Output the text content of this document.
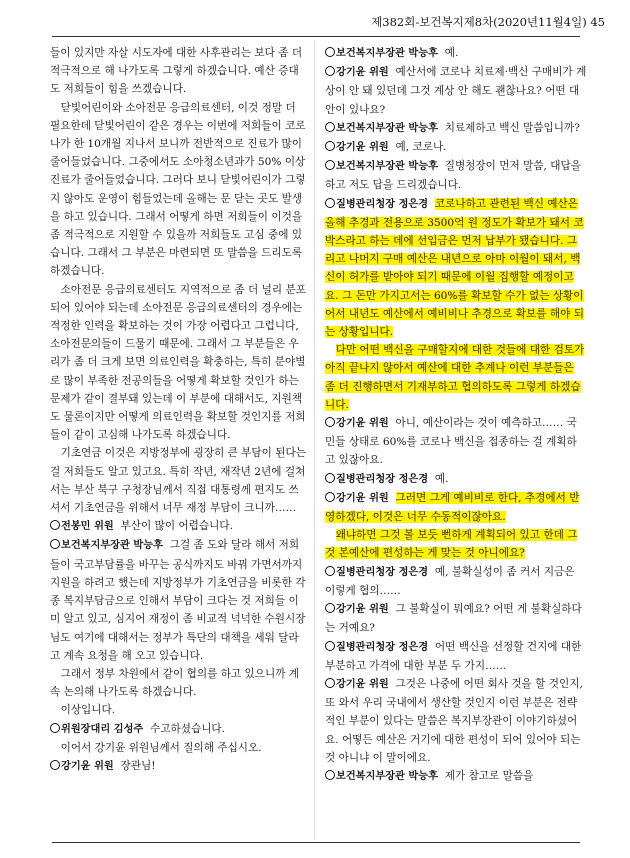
제382회-보건복지제8차(2020년11월4일) 45

들이 있지만 자살 시도자에 대한 사후관리는 보다 좀 더 적극적으로 해 나가도록 그렇게 하겠습니다. 예산 증대도 저희들이 힘을 쓰겠습니다.

닫빛어린이와 소아전문 응급의료센터, 이것 정말 더 필요한데 닫빛어린이 같은 경우는 이번에 저희들이 코로나가 한 10개월 지나서 보니까 전반적으로 진료가 많이 줄어들었습니다. 그중에서도 소아청소년과가 50% 이상 진료가 줄어들었습니다. 그러다 보니 닫빛어린이가 그렇지 않아도 운영이 힘들었는데 올해는 문 닫는 곳도 발생을 하고 있습니다. 그래서 어떻게 하면 저희들이 이것을 좀 적극적으로 지원할 수 있을까 저희들도 고심 중에 있습니다. 그래서 그 부분은 마련되면 또 말씀을 드리도록 하겠습니다.

소아전문 응급의료센터도 지역적으로 좀 더 널리 분포되어 있어야 되는데 소아전문 응급의료센터의 경우에는 적정한 인력을 확보하는 것이 가장 어렵다고 그럽니다, 소아전문의들이 드물기 때문에. 그래서 그 부분들은 우리가 좀 더 크게 보면 의료인력을 확충하는, 특히 분야별로 많이 부족한 전공의들을 어떻게 확보할 것인가 하는 문제가 같이 결부돼 있는데 이 부분에 대해서도, 지원책도 물론이지만 어떻게 의료인력을 확보할 것인지를 저희들이 같이 고심해 나가도록 하겠습니다.

기초연금 이것은 지방정부에 굉장히 큰 부담이 된다는 걸 저희들도 알고 있고요. 특히 작년, 재작년 2년에 걸쳐서는 부산 북구 구청장님께서 직접 대통령께 편지도 쓰셔서 기초연금을 위해서 너무 재정 부담이 크니까……

전봉민 위원 부산이 많이 어렵습니다.

보건복지부장관 박능후 그걸 좀 도와 달라 해서 저희들이 국고부담률을 바꾸는 공식까지도 바꿔 가면서까지 지원을 하려고 했는데 지방정부가 기초연금을 비롯한 각종 복지부담금으로 인해서 부담이 크다는 것 저희들 이미 알고 있고, 심지어 재정이 좀 비교적 넉넉한 수원시장님도 여기에 대해서는 정부가 특단의 대책을 세워 달라고 계속 요청을 해 오고 있습니다.

그래서 정부 차원에서 같이 협의를 하고 있으니까 계속 논의해 나가도록 하겠습니다.

이상입니다.

위원장대리 김성주 수고하셨습니다.

이어서 강기윤 위원님께서 질의해 주십시오.

강기윤 위원 장관님!

보건복지부장관 박능후 예.

강기윤 위원 예산서에 코로나 치료제·백신 구매비가 계상이 안 돼 있던데 그것 계상 안 해도 괜찮나요? 어떤 대안이 있나요?

보건복지부장관 박능후 치료제하고 백신 말씀입니까?

강기윤 위원 예, 코로나.

보건복지부장관 박능후 질병청장이 먼저 말씀, 대답을 하고 저도 답을 드리겠습니다.

질병관리청장 정은경 코로나하고 관련된 백신 예산은 올해 추경과 전용으로 3500억 원 정도가 확보가 돼서 코박스라고 하는 데에 선입금은 먼저 납부가 됐습니다. 그리고 나머지 구매 예산은 내년으로 아마 이월이 돼서, 백신이 허가를 받아야 되기 때문에 이월 집행할 예정이고요. 그 돈만 가지고서는 60%를 확보할 수가 없는 상황이어서 내년도 예산에서 예비비나 추경으로 확보를 해야 되는 상황입니다.

다만 어떤 백신을 구매할지에 대한 것들에 대한 검토가 아직 끝나지 않아서 예산에 대한 추계나 이런 부분들은 좀 더 진행하면서 기재부하고 협의하도록 그렇게 하겠습니다.

강기윤 위원 아니, 예산이라는 것이 예측하고…… 국민들 상태로 60%를 코로나 백신을 접종하는 걸 계획하고 있잖아요.

질병관리청장 정은경 예.

강기윤 위원 그러면 그게 예비비로 한다, 추경에서 반영하겠다, 이것은 너무 수동적이잖아요.

왜냐하면 그것 볼 보듯 뻔하게 계획되어 있고 한데 그것 본예산에 편성하는 게 맞는 것 아니에요?

질병관리청장 정은경 예, 불확실성이 좀 커서 지금은 이렇게 협의……

강기윤 위원 그 불확실이 뭐예요? 어떤 게 불확실하다는 거예요?

질병관리청장 정은경 어떤 백신을 선정할 건지에 대한 부분하고 가격에 대한 부분 두 가지……

강기윤 위원 그것은 나중에 어떤 회사 것을 할 것인지, 또 와서 우리 국내에서 생산할 것인지 이런 부분은 전략적인 부분이 있다는 말씀은 복지부장관이 이야기하셨어요. 어떻든 예산은 거기에 대한 편성이 되어 있어야 되는 것 아니냐 이 말이에요.

보건복지부장관 박능후 제가 참고로 말씀을
